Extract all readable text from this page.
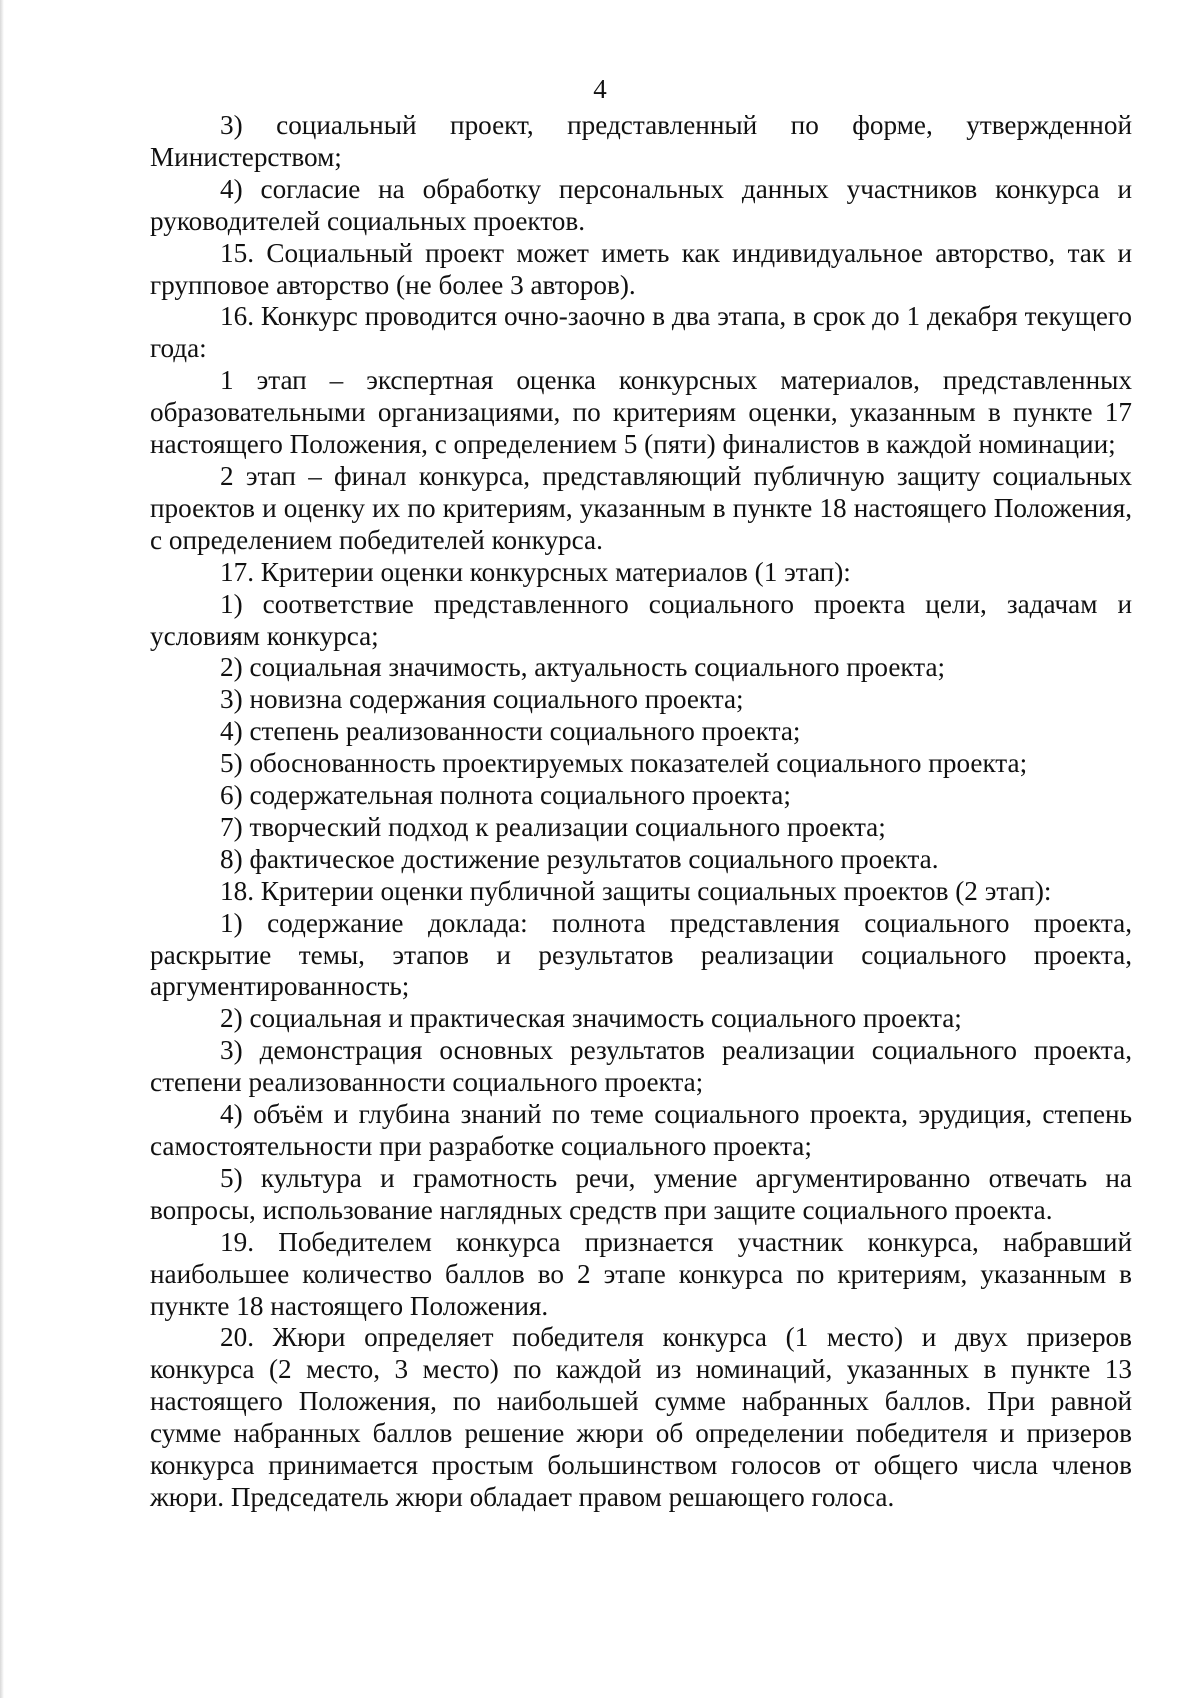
4

3) социальный проект, представленный по форме, утвержденной Министерством;

4) согласие на обработку персональных данных участников конкурса и руководителей социальных проектов.

15. Социальный проект может иметь как индивидуальное авторство, так и групповое авторство (не более 3 авторов).

16. Конкурс проводится очно-заочно в два этапа, в срок до 1 декабря текущего года:

1 этап – экспертная оценка конкурсных материалов, представленных образовательными организациями, по критериям оценки, указанным в пункте 17 настоящего Положения, с определением 5 (пяти) финалистов в каждой номинации;

2 этап – финал конкурса, представляющий публичную защиту социальных проектов и оценку их по критериям, указанным в пункте 18 настоящего Положения, с определением победителей конкурса.

17. Критерии оценки конкурсных материалов (1 этап):

1) соответствие представленного социального проекта цели, задачам и условиям конкурса;

2) социальная значимость, актуальность социального проекта;

3) новизна содержания социального проекта;

4) степень реализованности социального проекта;

5) обоснованность проектируемых показателей социального проекта;

6) содержательная полнота социального проекта;

7) творческий подход к реализации социального проекта;

8) фактическое достижение результатов социального проекта.

18. Критерии оценки публичной защиты социальных проектов (2 этап):

1) содержание доклада: полнота представления социального проекта, раскрытие темы, этапов и результатов реализации социального проекта, аргументированность;

2) социальная и практическая значимость социального проекта;

3) демонстрация основных результатов реализации социального проекта, степени реализованности социального проекта;

4) объём и глубина знаний по теме социального проекта, эрудиция, степень самостоятельности при разработке социального проекта;

5) культура и грамотность речи, умение аргументированно отвечать на вопросы, использование наглядных средств при защите социального проекта.

19. Победителем конкурса признается участник конкурса, набравший наибольшее количество баллов во 2 этапе конкурса по критериям, указанным в пункте 18 настоящего Положения.

20. Жюри определяет победителя конкурса (1 место) и двух призеров конкурса (2 место, 3 место) по каждой из номинаций, указанных в пункте 13 настоящего Положения, по наибольшей сумме набранных баллов. При равной сумме набранных баллов решение жюри об определении победителя и призеров конкурса принимается простым большинством голосов от общего числа членов жюри. Председатель жюри обладает правом решающего голоса.
